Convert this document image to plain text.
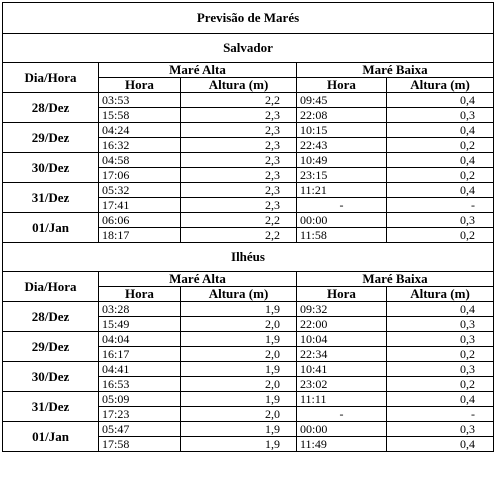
Previsão de Marés				
Salvador				
Dia/Hora	Maré Alta		Maré Baixa	
	Hora	Altura (m)	Hora	Altura (m)
28/Dez	03:53	2,2	09:45	0,4
	15:58	2,3	22:08	0,3
29/Dez	04:24	2,3	10:15	0,4
	16:32	2,3	22:43	0,2
30/Dez	04:58	2,3	10:49	0,4
	17:06	2,3	23:15	0,2
31/Dez	05:32	2,3	11:21	0,4
	17:41	2,3	-	-
01/Jan	06:06	2,2	00:00	0,3
	18:17	2,2	11:58	0,2
Ilhéus				
Dia/Hora	Maré Alta		Maré Baixa	
	Hora	Altura (m)	Hora	Altura (m)
28/Dez	03:28	1,9	09:32	0,4
	15:49	2,0	22:00	0,3
29/Dez	04:04	1,9	10:04	0,3
	16:17	2,0	22:34	0,2
30/Dez	04:41	1,9	10:41	0,3
	16:53	2,0	23:02	0,2
31/Dez	05:09	1,9	11:11	0,4
	17:23	2,0	-	-
01/Jan	05:47	1,9	00:00	0,3
	17:58	1,9	11:49	0,4
